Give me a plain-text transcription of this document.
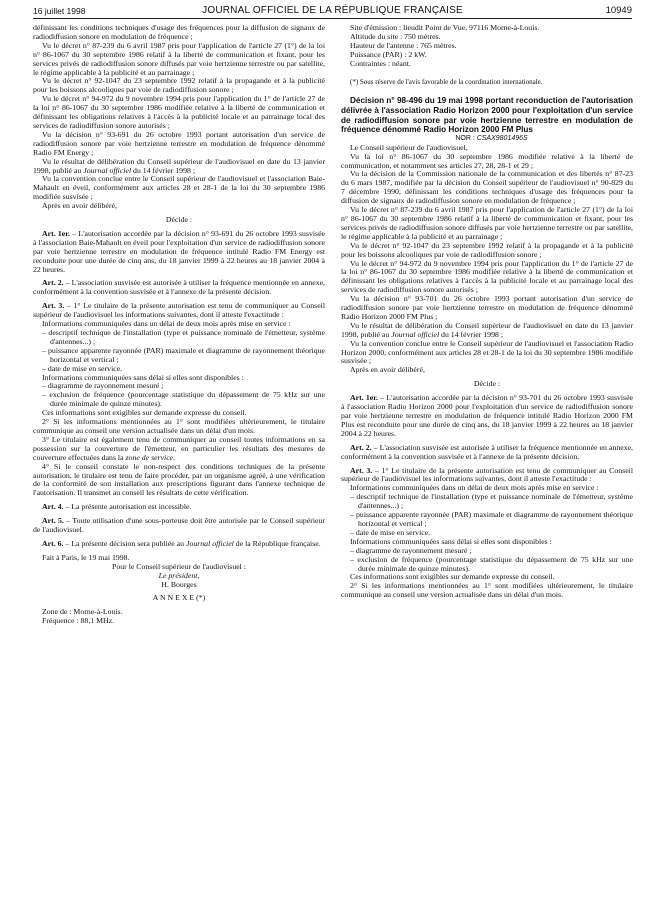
16 juillet 1998	JOURNAL OFFICIEL DE LA RÉPUBLIQUE FRANÇAISE	10949

définissant les conditions techniques d'usage des fréquences pour la diffusion de signaux de radiodiffusion sonore en modulation de fréquence ;

Vu le décret n° 87-239 du 6 avril 1987 pris pour l'application de l'article 27 (1°) de la loi n° 86-1067 du 30 septembre 1986 relatif à la liberté de communication et fixant, pour les services privés de radiodiffusion sonore diffusés par voie hertzienne terrestre ou par satellite, le régime applicable à la publicité et au parrainage ;

Vu le décret n° 92-1047 du 23 septembre 1992 relatif à la propagande et à la publicité pour les boissons alcooliques par voie de radiodiffusion sonore ;

Vu le décret n° 94-972 du 9 novembre 1994 pris pour l'application du 1° de l'article 27 de la loi n° 86-1067 du 30 septembre 1986 modifiée relative à la liberté de communication et définissant les obligations relatives à l'accès à la publicité locale et au parrainage local des services de radiodiffusion sonore autorisés ;

Vu la décision n° 93-691 du 26 octobre 1993 portant autorisation d'un service de radiodiffusion sonore par voie hertzienne terrestre en modulation de fréquence dénommé Radio FM Energy ;

Vu le résultat de délibération du Conseil supérieur de l'audiovisuel en date du 13 janvier 1998, publié au Journal officiel du 14 février 1998 ;

Vu la convention conclue entre le Conseil supérieur de l'audiovisuel et l'association Baie-Mahault en éveil, conformément aux articles 28 et 28-1 de la loi du 30 septembre 1986 modifiée susvisée ;

Après en avoir délibéré,

Décide :

Art. 1er. – L'autorisation accordée par la décision n° 93-691 du 26 octobre 1993 susvisée à l'association Baie-Mahault en éveil pour l'exploitation d'un service de radiodiffusion sonore par voie hertzienne terrestre en modulation de fréquence intitulé Radio FM Energy est reconduite pour une durée de cinq ans, du 18 janvier 1999 à 22 heures au 18 janvier 2004 à 22 heures.

Art. 2. – L'association susvisée est autorisée à utiliser la fréquence mentionnée en annexe, conformément à la convention susvisée et à l'annexe de la présente décision.

Art. 3. – 1° Le titulaire de la présente autorisation est tenu de communiquer au Conseil supérieur de l'audiovisuel les informations suivantes, dont il atteste l'exactitude :

Informations communiquées dans un délai de deux mois après mise en service :

– descriptif technique de l'installation (type et puissance nominale de l'émetteur, système d'antennes...) ;
– puissance apparente rayonnée (PAR) maximale et diagramme de rayonnement théorique horizontal et vertical ;
– date de mise en service.

Informations communiquées sans délai si elles sont disponibles :

– diagramme de rayonnement mesuré ;
– exclusion de fréquence (pourcentage statistique du dépassement de 75 kHz sur une durée minimale de quinze minutes).

Ces informations sont exigibles sur demande expresse du conseil.

2° Si les informations mentionnées au 1° sont modifiées ultérieurement, le titulaire communique au conseil une version actualisée dans un délai d'un mois.

3° Le titulaire est également tenu de communiquer au conseil toutes informations en sa possession sur la couverture de l'émetteur, en particulier les résultats des mesures de couverture effectuées dans la zone de service.

4° Si le conseil constate le non-respect des conditions techniques de la présente autorisation, le titulaire est tenu de faire procéder, par un organisme agréé, à une vérification de la conformité de son installation aux prescriptions figurant dans l'annexe technique de l'autorisation. Il transmet au conseil les résultats de cette vérification.

Art. 4. – La présente autorisation est incessible.

Art. 5. – Toute utilisation d'une sous-porteuse doit être autorisée par le Conseil supérieur de l'audiovisuel.

Art. 6. – La présente décision sera publiée au Journal officiel de la République française.

Fait à Paris, le 19 mai 1998.

Pour le Conseil supérieur de l'audiovisuel :

Le président,

H. Bourges

A N N E X E (*)

Zone de : Morne-à-Louis.

Fréquence : 88,1 MHz.

Site d'émission : lieudit Point de Vue, 97116 Morne-à-Louis.

Altitude du site : 750 mètres.

Hauteur de l'antenne : 765 mètres.

Puissance (PAR) : 2 kW.

Contraintes : néant.

(*) Sous réserve de l'avis favorable de la coordination internationale.

Décision n° 98-496 du 19 mai 1998 portant reconduction de l'autorisation délivrée à l'association Radio Horizon 2000 pour l'exploitation d'un service de radiodiffusion sonore par voie hertzienne terrestre en modulation de fréquence dénommé Radio Horizon 2000 FM Plus

NOR : CSAX9801496S

Le Conseil supérieur de l'audiovisuel,

Vu la loi n° 86-1067 du 30 septembre 1986 modifiée relative à la liberté de communication, et notamment ses articles 27, 28, 28-1 et 29 ;

Vu la décision de la Commission nationale de la communication et des libertés n° 87-23 du 6 mars 1987, modifiée par la décision du Conseil supérieur de l'audiovisuel n° 90-829 du 7 décembre 1990, définissant les conditions techniques d'usage des fréquences pour la diffusion de signaux de radiodiffusion sonore en modulation de fréquence ;

Vu le décret n° 87-239 du 6 avril 1987 pris pour l'application de l'article 27 (1°) de la loi n° 86-1067 du 30 septembre 1986 relatif à la liberté de communication et fixant, pour les services privés de radiodiffusion sonore diffusés par voie hertzienne terrestre ou par satellite, le régime applicable à la publicité et au parrainage ;

Vu le décret n° 92-1047 du 23 septembre 1992 relatif à la propagande et à la publicité pour les boissons alcooliques par voie de radiodiffusion sonore ;

Vu le décret n° 94-972 du 9 novembre 1994 pris pour l'application du 1° de l'article 27 de la loi n° 86-1067 du 30 septembre 1986 modifiée relative à la liberté de communication et définissant les obligations relatives à l'accès à la publicité locale et au parrainage local des services de radiodiffusion sonore autorisés ;

Vu la décision n° 93-701 du 26 octobre 1993 portant autorisation d'un service de radiodiffusion sonore par voie hertzienne terrestre en modulation de fréquence dénommé Radio Horizon 2000 FM Plus ;

Vu le résultat de délibération du Conseil supérieur de l'audiovisuel en date du 13 janvier 1998, publié au Journal officiel du 14 février 1998 ;

Vu la convention conclue entre le Conseil supérieur de l'audiovisuel et l'association Radio Horizon 2000, conformément aux articles 28 et 28-1 de la loi du 30 septembre 1986 modifiée susvisée ;

Après en avoir délibéré,

Décide :

Art. 1er. – L'autorisation accordée par la décision n° 93-701 du 26 octobre 1993 susvisée à l'association Radio Horizon 2000 pour l'exploitation d'un service de radiodiffusion sonore par voie hertzienne terrestre en modulation de fréquence intitulé Radio Horizon 2000 FM Plus est reconduite pour une durée de cinq ans, du 18 janvier 1999 à 22 heures au 18 janvier 2004 à 22 heures.

Art. 2. – L'association susvisée est autorisée à utiliser la fréquence mentionnée en annexe, conformément à la convention susvisée et à l'annexe de la présente décision.

Art. 3. – 1° Le titulaire de la présente autorisation est tenu de communiquer au Conseil supérieur de l'audiovisuel les informations suivantes, dont il atteste l'exactitude :

Informations communiquées dans un délai de deux mois après mise en service :

– descriptif technique de l'installation (type et puissance nominale de l'émetteur, système d'antennes...) ;
– puissance apparente rayonnée (PAR) maximale et diagramme de rayonnement théorique horizontal et vertical ;
– date de mise en service.

Informations communiquées sans délai si elles sont disponibles :

– diagramme de rayonnement mesuré ;
– exclusion de fréquence (pourcentage statistique du dépassement de 75 kHz sur une durée minimale de quinze minutes).

Ces informations sont exigibles sur demande expresse du conseil.

2° Si les informations mentionnées au 1° sont modifiées ultérieurement, le titulaire communique au conseil une version actualisée dans un délai d'un mois.
